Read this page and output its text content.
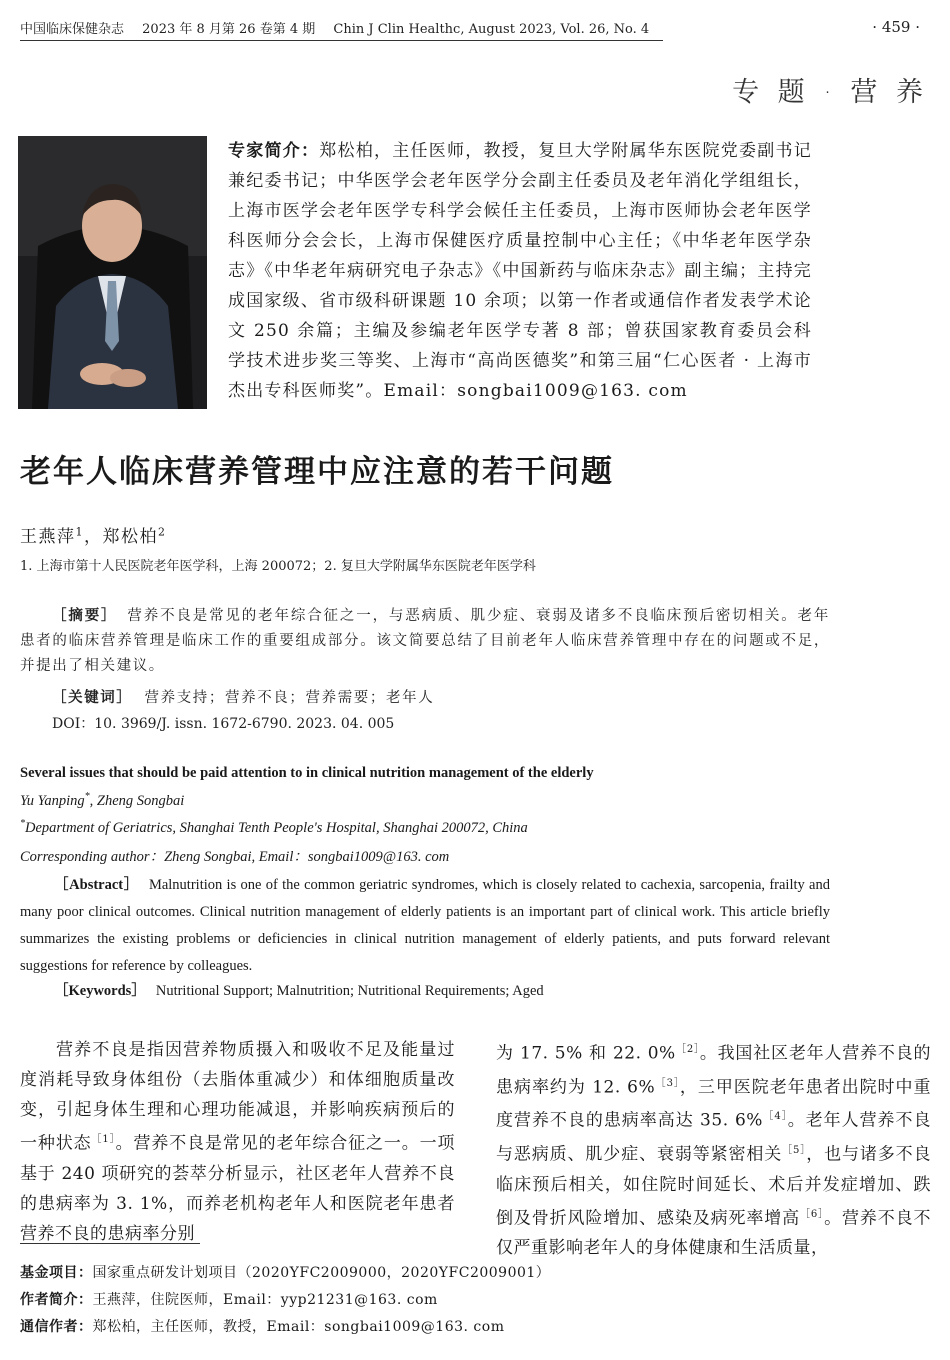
中国临床保健杂志 2023 年 8 月第 26 卷第 4 期 Chin J Clin Healthc, August 2023, Vol. 26, No. 4	· 459 ·
专 题 · 营 养
专家简介：郑松柏，主任医师，教授，复旦大学附属华东医院党委副书记兼纪委书记；中华医学会老年医学分会副主任委员及老年消化学组组长，上海市医学会老年医学专科学会候任主任委员，上海市医师协会老年医学科医师分会会长，上海市保健医疗质量控制中心主任；《中华老年医学杂志》《中华老年病研究电子杂志》《中国新药与临床杂志》副主编；主持完成国家级、省市级科研课题 10 余项；以第一作者或通信作者发表学术论文 250 余篇；主编及参编老年医学专著 8 部；曾获国家教育委员会科学技术进步奖三等奖、上海市“高尚医德奖”和第三届“仁心医者 · 上海市杰出专科医师奖”。Email：songbai1009@163. com
老年人临床营养管理中应注意的若干问题
王燕萍$^1$，郑松柏$^2$
1. 上海市第十人民医院老年医学科，上海 200072；2. 复旦大学附属华东医院老年医学科
［摘要］ 营养不良是常见的老年综合征之一，与恶病质、肌少症、衰弱及诸多不良临床预后密切相关。老年患者的临床营养管理是临床工作的重要组成部分。该文简要总结了目前老年人临床营养管理中存在的问题或不足，并提出了相关建议。
［关键词］ 营养支持；营养不良；营养需要；老年人
DOI：10. 3969/J. issn. 1672-6790. 2023. 04. 005
Several issues that should be paid attention to in clinical nutrition management of the elderly
Yu Yanping*, Zheng Songbai
*Department of Geriatrics, Shanghai Tenth People's Hospital, Shanghai 200072, China
Corresponding author：Zheng Songbai, Email：songbai1009@163. com
［Abstract］ Malnutrition is one of the common geriatric syndromes, which is closely related to cachexia, sarcopenia, frailty and many poor clinical outcomes. Clinical nutrition management of elderly patients is an important part of clinical work. This article briefly summarizes the existing problems or deficiencies in clinical nutrition management of elderly patients, and puts forward relevant suggestions for reference by colleagues.
［Keywords］ Nutritional Support; Malnutrition; Nutritional Requirements; Aged
营养不良是指因营养物质摄入和吸收不足及能量过度消耗导致身体组份（去脂体重减少）和体细胞质量改变，引起身体生理和心理功能减退，并影响疾病预后的一种状态$^{[1]}$。营养不良是常见的老年综合征之一。一项基于 240 项研究的荟萃分析显示，社区老年人营养不良的患病率为 3. 1%，而养老机构老年人和医院老年患者营养不良的患病率分别
为 17. 5% 和 22. 0%$^{[2]}$。我国社区老年人营养不良的患病率约为 12. 6%$^{[3]}$，三甲医院老年患者出院时中重度营养不良的患病率高达 35. 6%$^{[4]}$。老年人营养不良与恶病质、肌少症、衰弱等紧密相关$^{[5]}$，也与诸多不良临床预后相关，如住院时间延长、术后并发症增加、跌倒及骨折风险增加、感染及病死率增高$^{[6]}$。营养不良不仅严重影响老年人的身体健康和生活质量，
基金项目：国家重点研发计划项目（2020YFC2009000，2020YFC2009001）
作者简介：王燕萍，住院医师，Email：yyp21231@163. com
通信作者：郑松柏，主任医师，教授，Email：songbai1009@163. com
